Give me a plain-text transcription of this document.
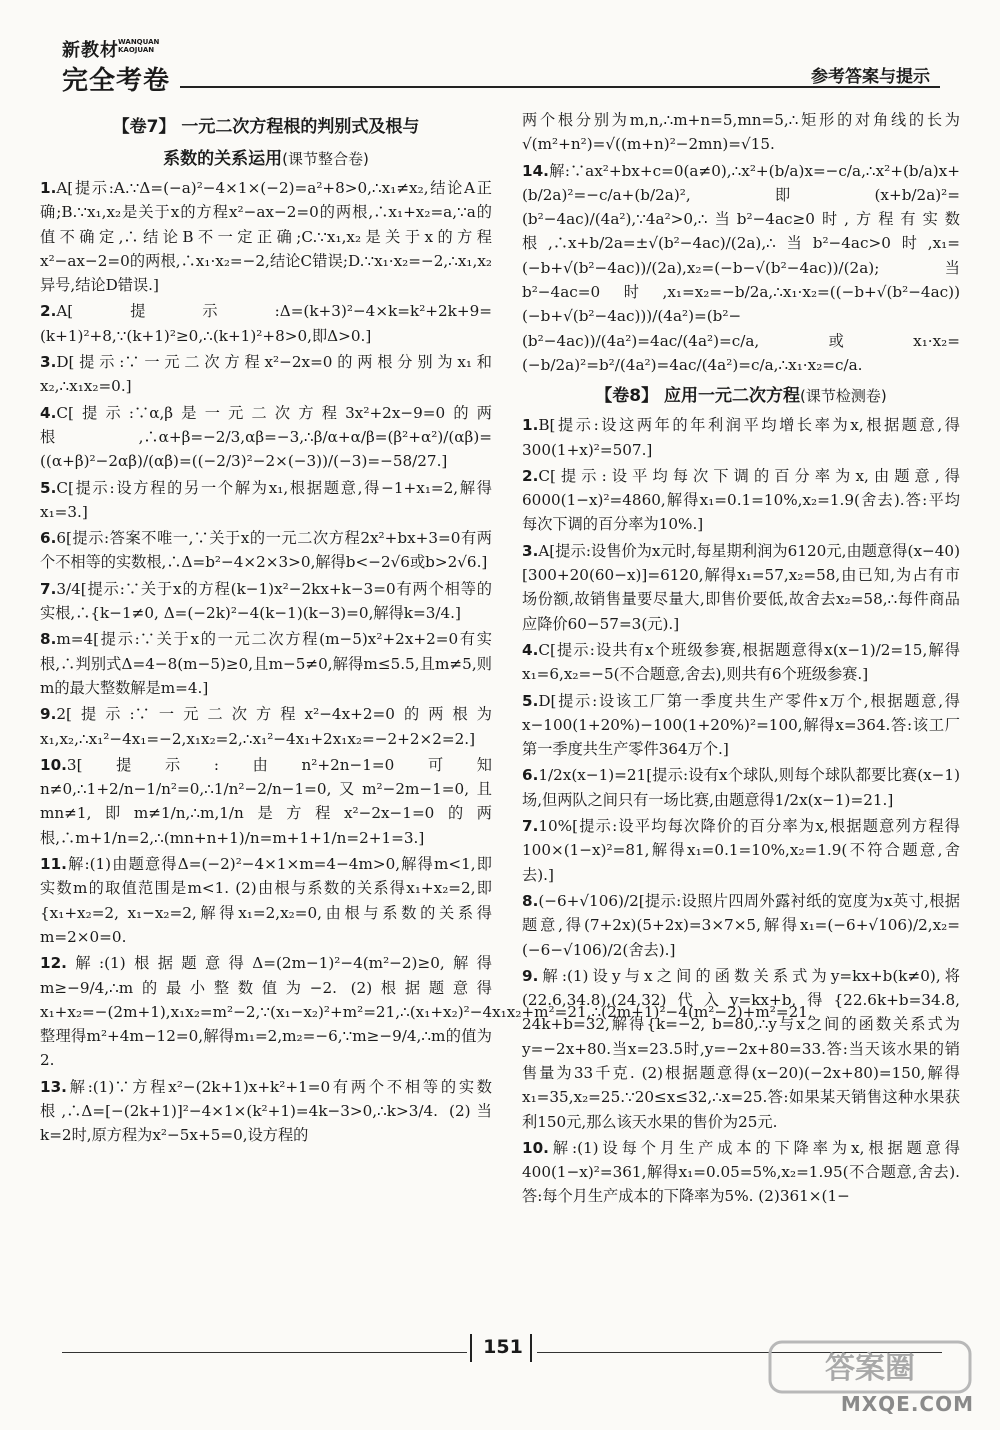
新教材 WANQUAN
KAOJUAN
完全考卷	参考答案与提示
【卷7】 一元二次方程根的判别式及根与
系数的关系运用(课节整合卷)

1.A[提示:A.∵Δ=(−a)²−4×1×(−2)=a²+8>0,∴x₁≠x₂,结论A正确;B.∵x₁,x₂是关于x的方程x²−ax−2=0的两根,∴x₁+x₂=a,∵a的值不确定,∴结论B不一定正确;C.∵x₁,x₂是关于x的方程x²−ax−2=0的两根,∴x₁·x₂=−2,结论C错误;D.∵x₁·x₂=−2,∴x₁,x₂异号,结论D错误.]

2.A[提示:Δ=(k+3)²−4×k=k²+2k+9=(k+1)²+8,∵(k+1)²≥0,∴(k+1)²+8>0,即Δ>0.]

3.D[提示:∵一元二次方程x²−2x=0的两根分别为x₁和x₂,∴x₁x₂=0.]

4.C[提示:∵α,β是一元二次方程3x²+2x−9=0的两根,∴α+β=−2/3,αβ=−3,∴β/α+α/β=(β²+α²)/(αβ)=((α+β)²−2αβ)/(αβ)=((−2/3)²−2×(−3))/(−3)=−58/27.]

5.C[提示:设方程的另一个解为x₁,根据题意,得−1+x₁=2,解得x₁=3.]

6.6[提示:答案不唯一,∵关于x的一元二次方程2x²+bx+3=0有两个不相等的实数根,∴Δ=b²−4×2×3>0,解得b<−2√6或b>2√6.]

7.3/4[提示:∵关于x的方程(k−1)x²−2kx+k−3=0有两个相等的实根,∴{k−1≠0, Δ=(−2k)²−4(k−1)(k−3)=0,解得k=3/4.]

8.m=4[提示:∵关于x的一元二次方程(m−5)x²+2x+2=0有实根,∴判别式Δ=4−8(m−5)≥0,且m−5≠0,解得m≤5.5,且m≠5,则m的最大整数解是m=4.]

9.2[提示:∵一元二次方程x²−4x+2=0的两根为x₁,x₂,∴x₁²−4x₁=−2,x₁x₂=2,∴x₁²−4x₁+2x₁x₂=−2+2×2=2.]

10.3[提示:由n²+2n−1=0可知n≠0,∴1+2/n−1/n²=0,∴1/n²−2/n−1=0,又m²−2m−1=0,且mn≠1,即m≠1/n,∴m,1/n是方程x²−2x−1=0的两根,∴m+1/n=2,∴(mn+n+1)/n=m+1+1/n=2+1=3.]

11.解:(1)由题意得Δ=(−2)²−4×1×m=4−4m>0,解得m<1,即实数m的取值范围是m<1. (2)由根与系数的关系得x₁+x₂=2,即{x₁+x₂=2, x₁−x₂=2,解得x₁=2,x₂=0,由根与系数的关系得m=2×0=0.

12.解:(1)根据题意得Δ=(2m−1)²−4(m²−2)≥0,解得m≥−9/4,∴m的最小整数值为−2. (2)根据题意得x₁+x₂=−(2m+1),x₁x₂=m²−2,∵(x₁−x₂)²+m²=21,∴(x₁+x₂)²−4x₁x₂+m²=21,∴(2m+1)²−4(m²−2)+m²=21,整理得m²+4m−12=0,解得m₁=2,m₂=−6,∵m≥−9/4,∴m的值为2.

13.解:(1)∵方程x²−(2k+1)x+k²+1=0有两个不相等的实数根,∴Δ=[−(2k+1)]²−4×1×(k²+1)=4k−3>0,∴k>3/4. (2)当k=2时,原方程为x²−5x+5=0,设方程的

两个根分别为m,n,∴m+n=5,mn=5,∴矩形的对角线的长为√(m²+n²)=√((m+n)²−2mn)=√15.

14.解:∵ax²+bx+c=0(a≠0),∴x²+(b/a)x=−c/a,∴x²+(b/a)x+(b/2a)²=−c/a+(b/2a)²,即(x+b/2a)²=(b²−4ac)/(4a²),∵4a²>0,∴当b²−4ac≥0时,方程有实数根,∴x+b/2a=±√(b²−4ac)/(2a),∴当b²−4ac>0时,x₁=(−b+√(b²−4ac))/(2a),x₂=(−b−√(b²−4ac))/(2a);当b²−4ac=0时,x₁=x₂=−b/2a,∴x₁·x₂=((−b+√(b²−4ac))(−b+√(b²−4ac)))/(4a²)=(b²−(b²−4ac))/(4a²)=4ac/(4a²)=c/a,或x₁·x₂=(−b/2a)²=b²/(4a²)=4ac/(4a²)=c/a,∴x₁·x₂=c/a.

【卷8】 应用一元二次方程(课节检测卷)

1.B[提示:设这两年的年利润平均增长率为x,根据题意,得300(1+x)²=507.]

2.C[提示:设平均每次下调的百分率为x,由题意,得6000(1−x)²=4860,解得x₁=0.1=10%,x₂=1.9(舍去).答:平均每次下调的百分率为10%.]

3.A[提示:设售价为x元时,每星期利润为6120元,由题意得(x−40)[300+20(60−x)]=6120,解得x₁=57,x₂=58,由已知,为占有市场份额,故销售量要尽量大,即售价要低,故舍去x₂=58,∴每件商品应降价60−57=3(元).]

4.C[提示:设共有x个班级参赛,根据题意得x(x−1)/2=15,解得x₁=6,x₂=−5(不合题意,舍去),则共有6个班级参赛.]

5.D[提示:设该工厂第一季度共生产零件x万个,根据题意,得x−100(1+20%)−100(1+20%)²=100,解得x=364.答:该工厂第一季度共生产零件364万个.]

6.1/2x(x−1)=21[提示:设有x个球队,则每个球队都要比赛(x−1)场,但两队之间只有一场比赛,由题意得1/2x(x−1)=21.]

7.10%[提示:设平均每次降价的百分率为x,根据题意列方程得100×(1−x)²=81,解得x₁=0.1=10%,x₂=1.9(不符合题意,舍去).]

8.(−6+√106)/2[提示:设照片四周外露衬纸的宽度为x英寸,根据题意,得(7+2x)(5+2x)=3×7×5,解得x₁=(−6+√106)/2,x₂=(−6−√106)/2(舍去).]

9.解:(1)设y与x之间的函数关系式为y=kx+b(k≠0),将(22.6,34.8),(24,32)代入y=kx+b,得{22.6k+b=34.8, 24k+b=32,解得{k=−2, b=80,∴y与x之间的函数关系式为y=−2x+80.当x=23.5时,y=−2x+80=33.答:当天该水果的销售量为33千克. (2)根据题意得(x−20)(−2x+80)=150,解得x₁=35,x₂=25.∵20≤x≤32,∴x=25.答:如果某天销售这种水果获利150元,那么该天水果的售价为25元.

10.解:(1)设每个月生产成本的下降率为x,根据题意得400(1−x)²=361,解得x₁=0.05=5%,x₂=1.95(不合题意,舍去).答:每个月生产成本的下降率为5%. (2)361×(1−

151
答案圈
MXQE.COM
